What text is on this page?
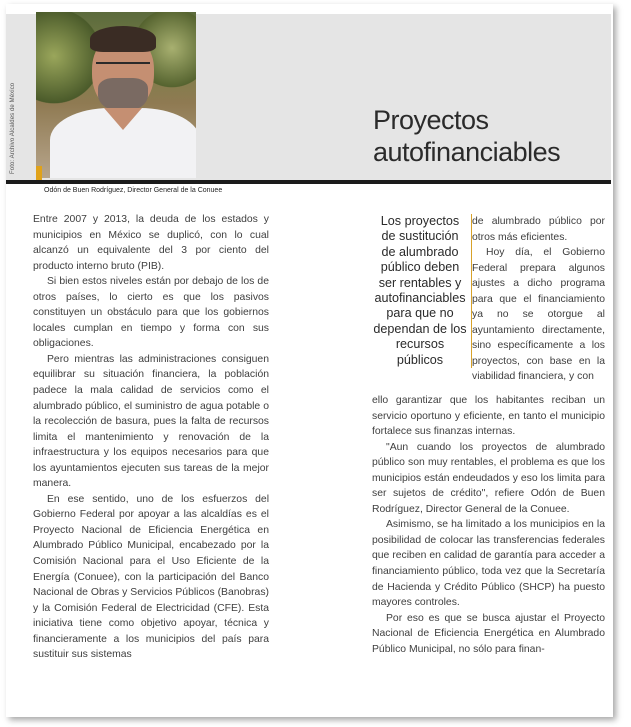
Foto: Archivo Alcaldes de México
Odón de Buen Rodríguez, Director General de la Conuee
Proyectos
autofinanciables

Entre 2007 y 2013, la deuda de los estados y municipios en México se duplicó, con lo cual alcanzó un equivalente del 3 por ciento del producto interno bruto (PIB).

Si bien estos niveles están por debajo de los de otros países, lo cierto es que los pasivos constituyen un obstáculo para que los gobiernos locales cumplan en tiempo y forma con sus obligaciones.

Pero mientras las administraciones consiguen equilibrar su situación financiera, la población padece la mala calidad de servicios como el alumbrado público, el suministro de agua potable o la recolección de basura, pues la falta de recursos limita el mantenimiento y renovación de la infraestructura y los equipos necesarios para que los ayuntamientos ejecuten sus tareas de la mejor manera.

En ese sentido, uno de los esfuerzos del Gobierno Federal por apoyar a las alcaldías es el Proyecto Nacional de Eficiencia Energética en Alumbrado Público Municipal, encabezado por la Comisión Nacional para el Uso Eficiente de la Energía (Conuee), con la participación del Banco Nacional de Obras y Servicios Públicos (Banobras) y la Comisión Federal de Electricidad (CFE). Esta iniciativa tiene como objetivo apoyar, técnica y financieramente a los municipios del país para sustituir sus sistemas

Los proyectos de sustitución de alumbrado público deben ser rentables y autofinanciables para que no dependan de los recursos públicos

de alumbrado público por otros más eficientes.

Hoy día, el Gobierno Federal prepara algunos ajustes a dicho programa para que el financiamiento ya no se otorgue al ayuntamiento directamente, sino específicamente a los proyectos, con base en la viabilidad financiera, y con

ello garantizar que los habitantes reciban un servicio oportuno y eficiente, en tanto el municipio fortalece sus finanzas internas.

"Aun cuando los proyectos de alumbrado público son muy rentables, el problema es que los municipios están endeudados y eso los limita para ser sujetos de crédito", refiere Odón de Buen Rodríguez, Director General de la Conuee.

Asimismo, se ha limitado a los municipios en la posibilidad de colocar las transferencias federales que reciben en calidad de garantía para acceder a financiamiento público, toda vez que la Secretaría de Hacienda y Crédito Público (SHCP) ha puesto mayores controles.

Por eso es que se busca ajustar el Proyecto Nacional de Eficiencia Energética en Alumbrado Público Municipal, no sólo para finan-
